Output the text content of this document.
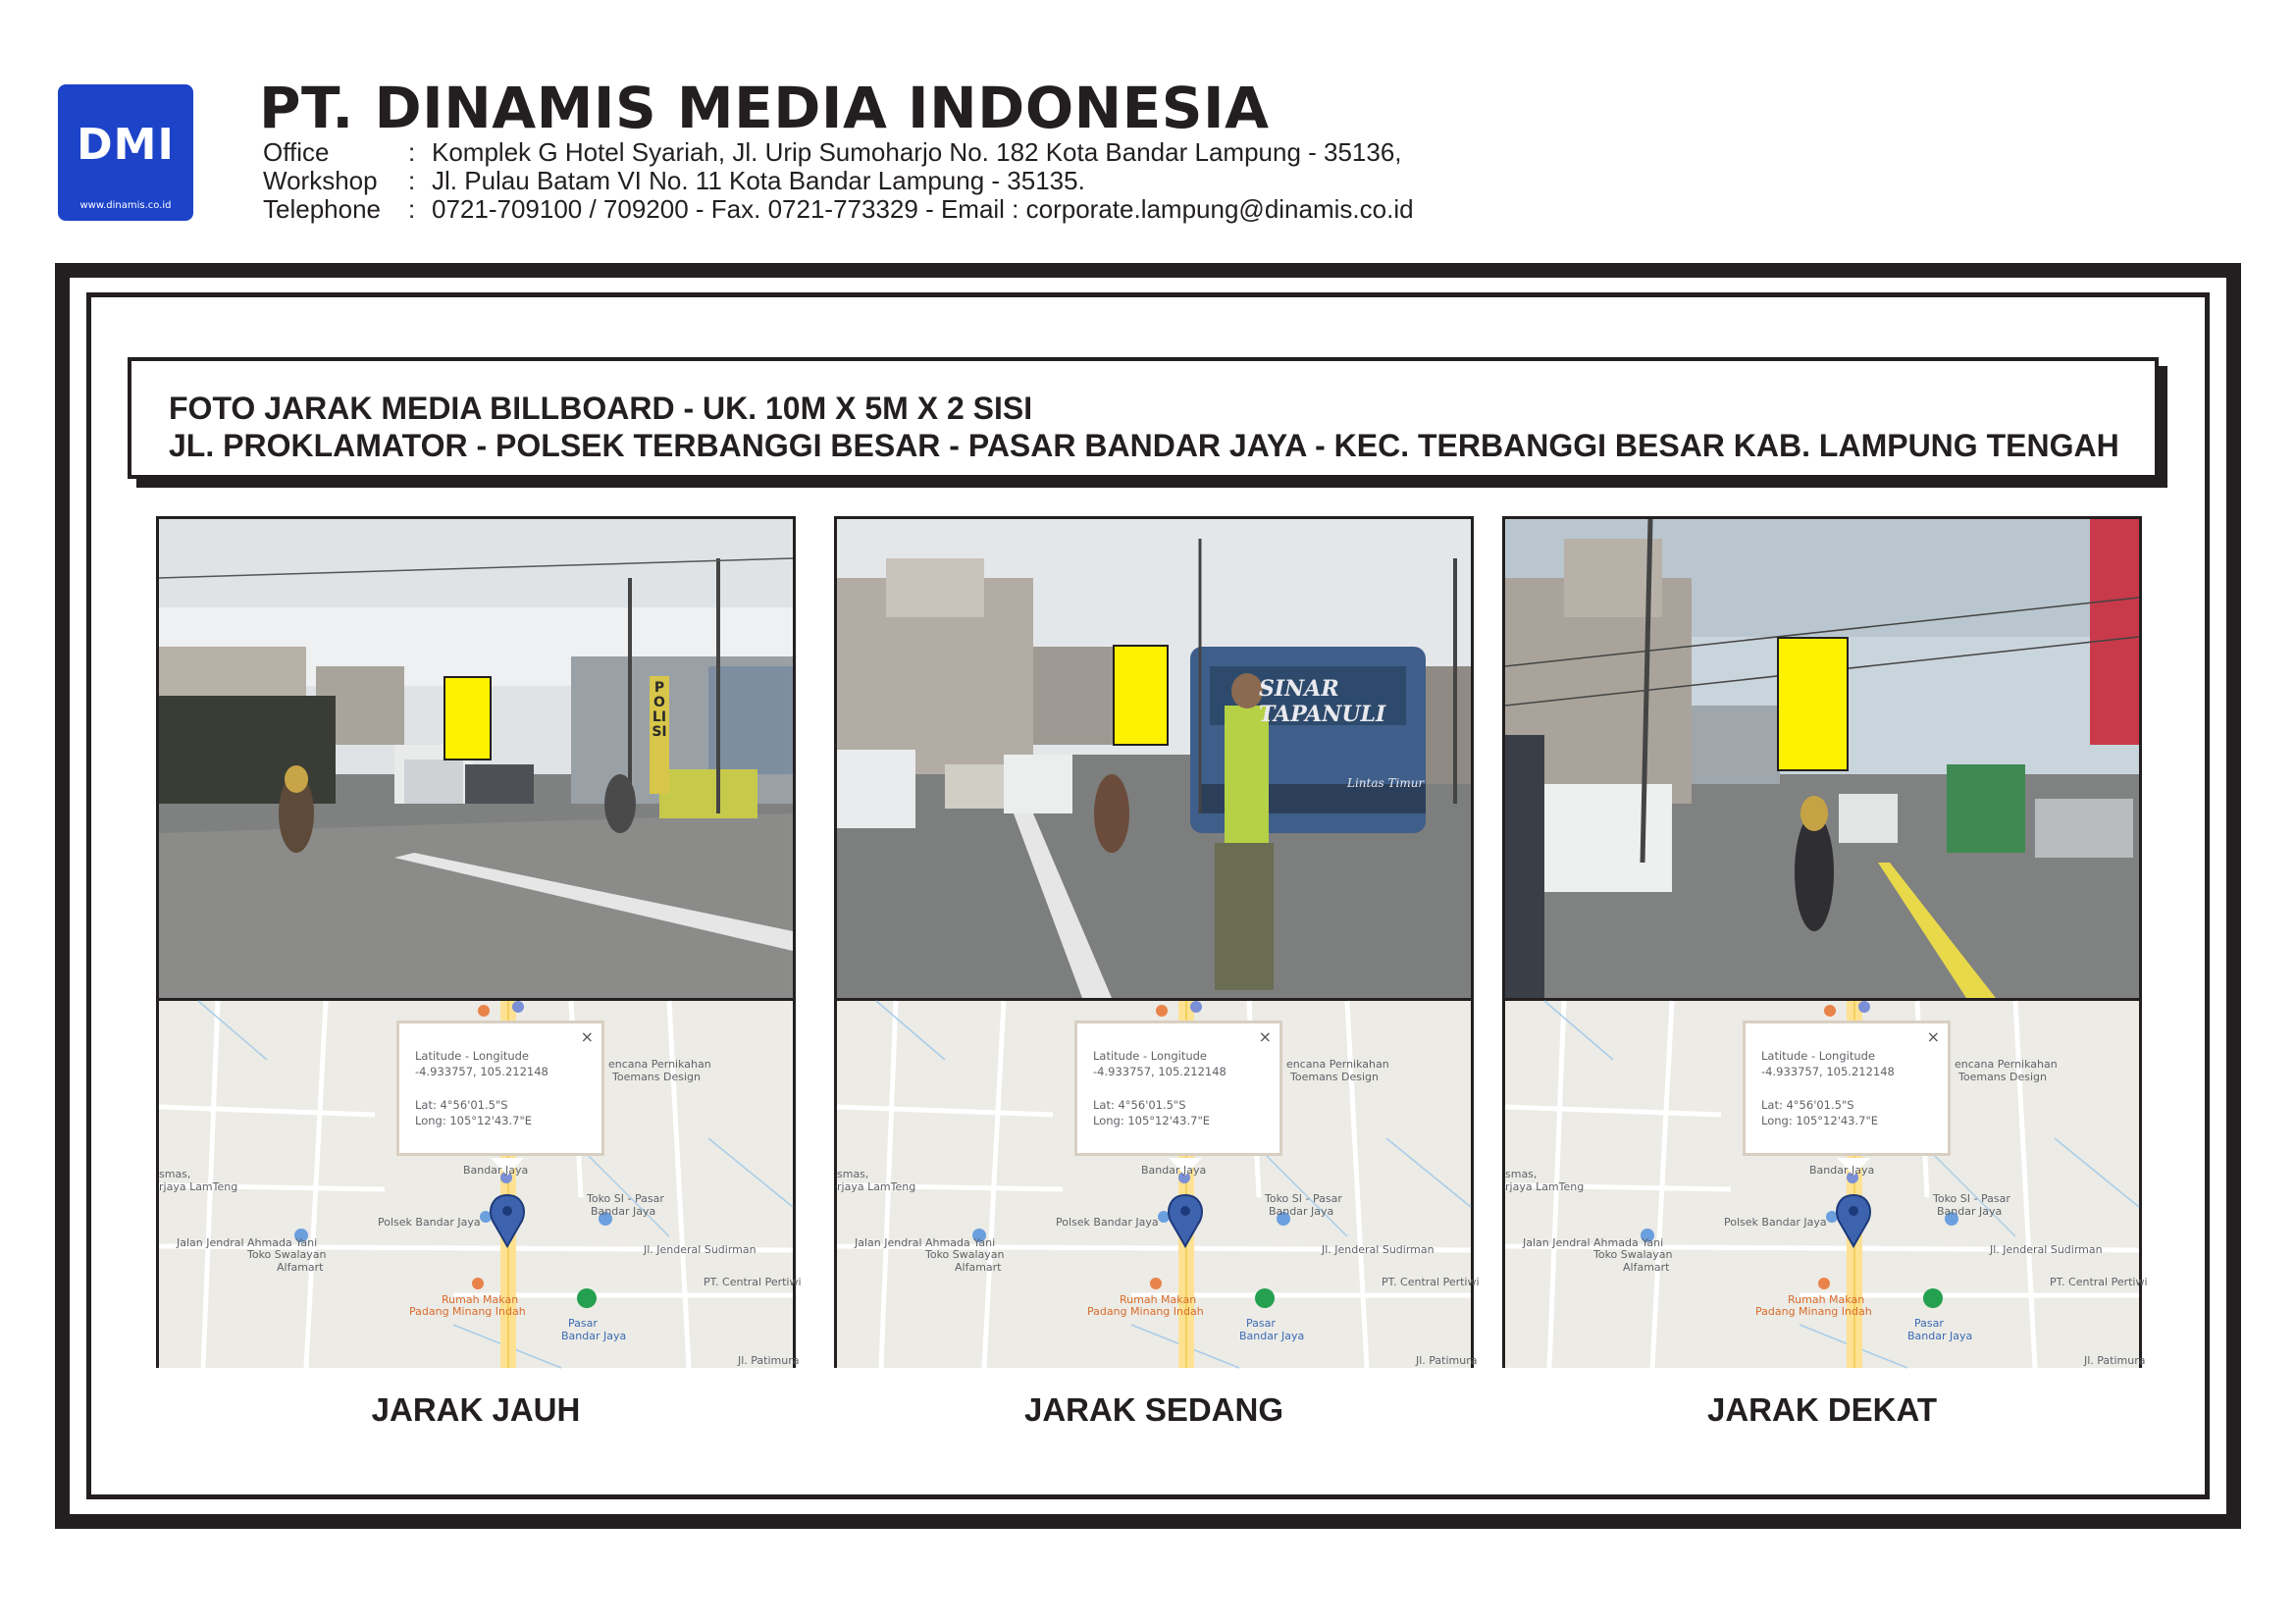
DMI
www.dinamis.co.id
PT. DINAMIS MEDIA INDONESIA
Office	: Komplek G Hotel Syariah, Jl. Urip Sumoharjo No. 182 Kota Bandar Lampung - 35136,
Workshop : Jl. Pulau Batam VI No. 11 Kota Bandar Lampung - 35135.
Telephone : 0721-709100 / 709200 - Fax. 0721-773329 - Email : corporate.lampung@dinamis.co.id
FOTO JARAK MEDIA BILLBOARD - UK. 10M X 5M X 2 SISI
JL. PROKLAMATOR - POLSEK TERBANGGI BESAR - PASAR BANDAR JAYA - KEC. TERBANGGI BESAR KAB. LAMPUNG TENGAH
POLISI
encana Pernikahan
Toemans Design
Bandar Jaya
smas,
rjaya LamTeng
Toko SI - Pasar
Bandar Jaya
Polsek Bandar Jaya
Jalan Jendral Ahmada Yani
Toko Swalayan
Alfamart
Jl. Jenderal Sudirman
PT. Central Pertiwi
Rumah Makan
Padang Minang Indah
Pasar
Bandar Jaya
Jl. Patimura
×
Latitude - Longitude
-4.933757, 105.212148
Lat: 4°56'01.5"S
Long: 105°12'43.7"E
SINAR TAPANULI
Lintas Timur
encana Pernikahan
Toemans Design
Bandar Jaya
smas,
rjaya LamTeng
Toko SI - Pasar
Bandar Jaya
Polsek Bandar Jaya
Jalan Jendral Ahmada Yani
Toko Swalayan
Alfamart
Jl. Jenderal Sudirman
PT. Central Pertiwi
Rumah Makan
Padang Minang Indah
Pasar
Bandar Jaya
Jl. Patimura
×
Latitude - Longitude
-4.933757, 105.212148
Lat: 4°56'01.5"S
Long: 105°12'43.7"E
encana Pernikahan
Toemans Design
Bandar Jaya
smas,
rjaya LamTeng
Toko SI - Pasar
Bandar Jaya
Polsek Bandar Jaya
Jalan Jendral Ahmada Yani
Toko Swalayan
Alfamart
Jl. Jenderal Sudirman
PT. Central Pertiwi
Rumah Makan
Padang Minang Indah
Pasar
Bandar Jaya
Jl. Patimura
×
Latitude - Longitude
-4.933757, 105.212148
Lat: 4°56'01.5"S
Long: 105°12'43.7"E
JARAK JAUH	JARAK SEDANG	JARAK DEKAT
